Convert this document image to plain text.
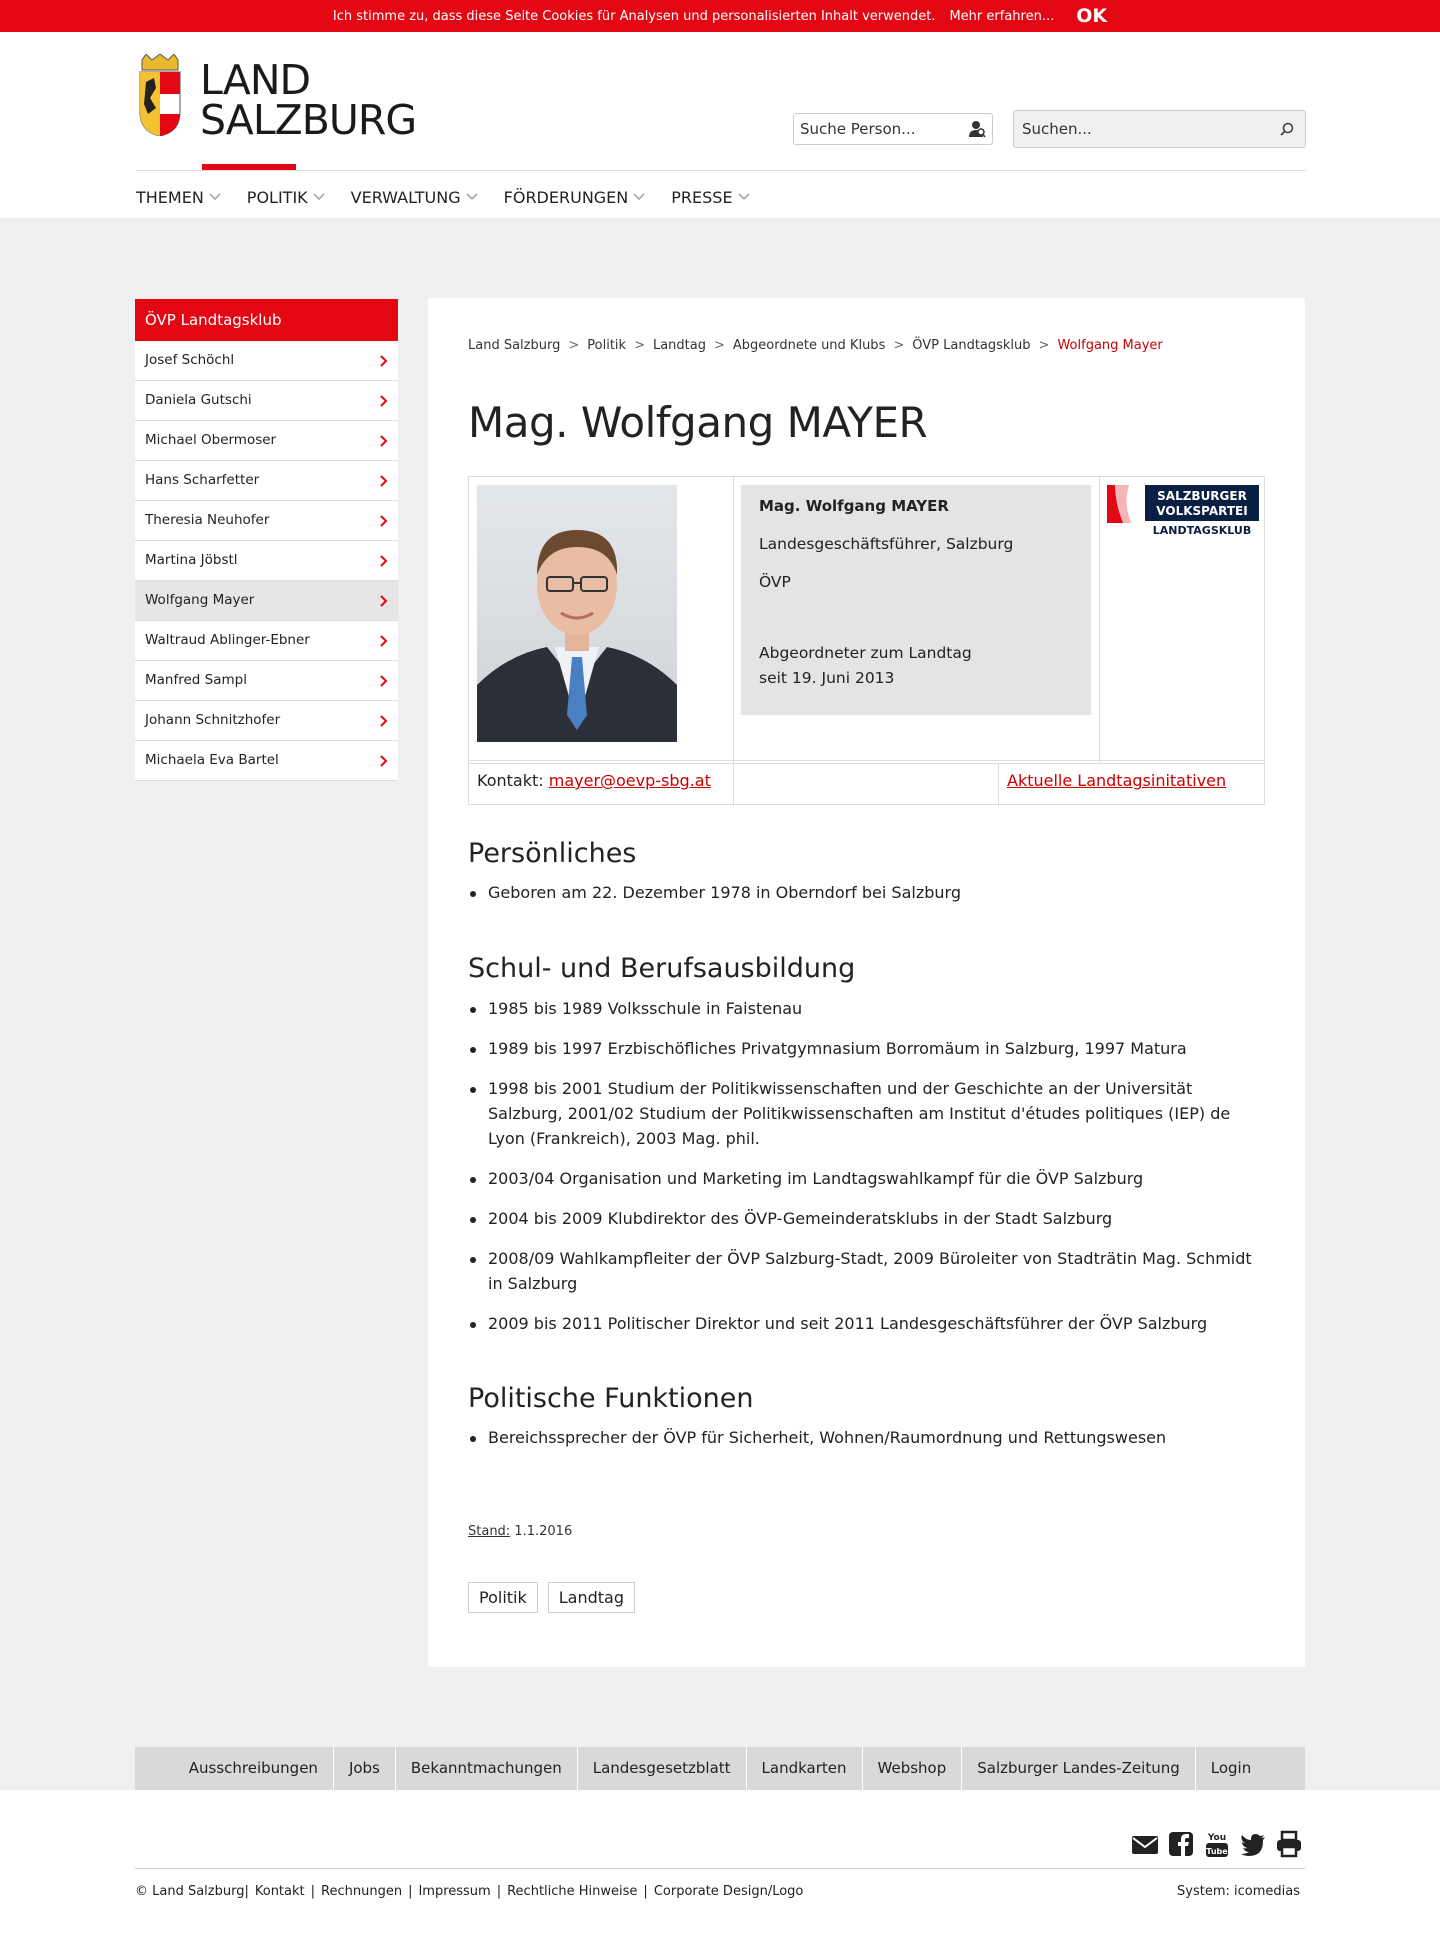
Ich stimme zu, dass diese Seite Cookies für Analysen und personalisierten Inhalt verwendet. Mehr erfahren... OK
LAND
SALZBURG	Suche Person...	Suchen...
THEMEN	POLITIK	VERWALTUNG	FÖRDERUNGEN	PRESSE
ÖVP Landtagsklub
Josef Schöchl
Daniela Gutschi
Michael Obermoser
Hans Scharfetter
Theresia Neuhofer
Martina Jöbstl
Wolfgang Mayer
Waltraud Ablinger-Ebner
Manfred Sampl
Johann Schnitzhofer
Michaela Eva Bartel
Land Salzburg > Politik > Landtag > Abgeordnete und Klubs > ÖVP Landtagsklub > Wolfgang Mayer
Mag. Wolfgang MAYER

Mag. Wolfgang MAYER

Landesgeschäftsführer, Salzburg

ÖVP

Abgeordneter zum Landtag
seit 19. Juni 2013

SALZBURGER
VOLKSPARTEI
LANDTAGSKLUB
Kontakt: mayer@oevp-sbg.at	Aktuelle Landtagsinitativen
Persönliches
Geboren am 22. Dezember 1978 in Oberndorf bei Salzburg
Schul- und Berufsausbildung
1985 bis 1989 Volksschule in Faistenau
1989 bis 1997 Erzbischöfliches Privatgymnasium Borromäum in Salzburg, 1997 Matura
1998 bis 2001 Studium der Politikwissenschaften und der Geschichte an der Universität Salzburg, 2001/02 Studium der Politikwissenschaften am Institut d'études politiques (IEP) de Lyon (Frankreich), 2003 Mag. phil.
2003/04 Organisation und Marketing im Landtagswahlkampf für die ÖVP Salzburg
2004 bis 2009 Klubdirektor des ÖVP-Gemeinderatsklubs in der Stadt Salzburg
2008/09 Wahlkampfleiter der ÖVP Salzburg-Stadt, 2009 Büroleiter von Stadträtin Mag. Schmidt in Salzburg
2009 bis 2011 Politischer Direktor und seit 2011 Landesgeschäftsführer der ÖVP Salzburg
Politische Funktionen
Bereichssprecher der ÖVP für Sicherheit, Wohnen/Raumordnung und Rettungswesen
Stand: 1.1.2016
Politik	Landtag
Ausschreibungen	Jobs	Bekanntmachungen	Landesgesetzblatt	Landkarten	Webshop	Salzburger Landes-Zeitung	Login
You
Tube
© Land Salzburg| Kontakt | Rechnungen | Impressum | Rechtliche Hinweise | Corporate Design/Logo	System: icomedias
